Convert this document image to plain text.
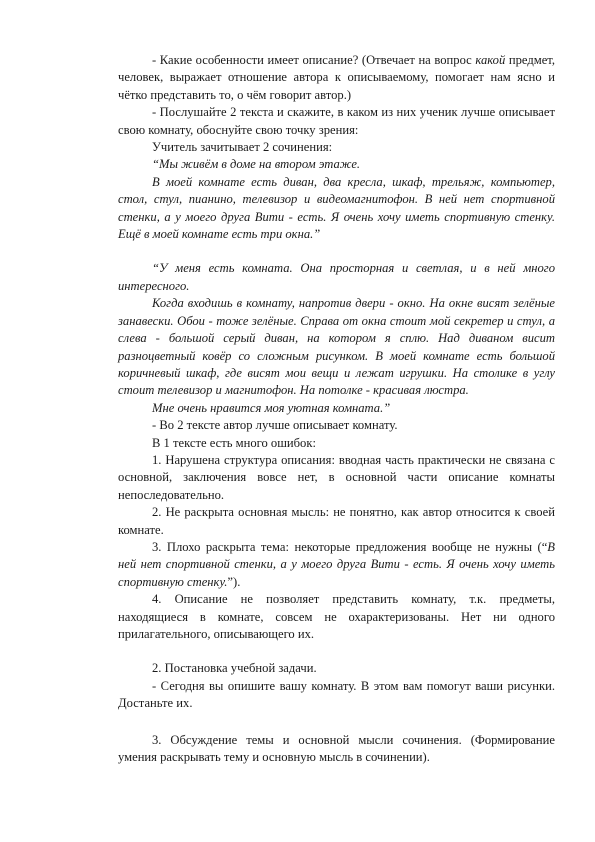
- Какие особенности имеет описание? (Отвечает на вопрос какой предмет, человек, выражает отношение автора к описываемому, помогает нам ясно и чётко представить то, о чём говорит автор.)

- Послушайте 2 текста и скажите, в каком из них ученик лучше описывает свою комнату, обоснуйте свою точку зрения:

Учитель зачитывает 2 сочинения:

“Мы живём в доме на втором этаже.

В моей комнате есть диван, два кресла, шкаф, трельяж, компьютер, стол, стул, пианино, телевизор и видеомагнитофон. В ней нет спортивной стенки, а у моего друга Вити - есть. Я очень хочу иметь спортивную стенку. Ещё в моей комнате есть три окна.”

“У меня есть комната. Она просторная и светлая, и в ней много интересного.

Когда входишь в комнату, напротив двери - окно. На окне висят зелёные занавески. Обои - тоже зелёные. Справа от окна стоит мой секретер и стул, а слева - большой серый диван, на котором я сплю. Над диваном висит разноцветный ковёр со сложным рисунком. В моей комнате есть большой коричневый шкаф, где висят мои вещи и лежат игрушки. На столике в углу стоит телевизор и магнитофон. На потолке - красивая люстра.

Мне очень нравится моя уютная комната.”

- Во 2 тексте автор лучше описывает комнату.

В 1 тексте есть много ошибок:

1. Нарушена структура описания: вводная часть практически не связана с основной, заключения вовсе нет, в основной части описание комнаты непоследовательно.

2. Не раскрыта основная мысль: не понятно, как автор относится к своей комнате.

3. Плохо раскрыта тема: некоторые предложения вообще не нужны (“В ней нет спортивной стенки, а у моего друга Вити - есть. Я очень хочу иметь спортивную стенку.”).

4. Описание не позволяет представить комнату, т.к. предметы, находящиеся в комнате, совсем не охарактеризованы. Нет ни одного прилагательного, описывающего их.

2. Постановка учебной задачи.

- Сегодня вы опишите вашу комнату. В этом вам помогут ваши рисунки. Достаньте их.

3. Обсуждение темы и основной мысли сочинения. (Формирование умения раскрывать тему и основную мысль в сочинении).
